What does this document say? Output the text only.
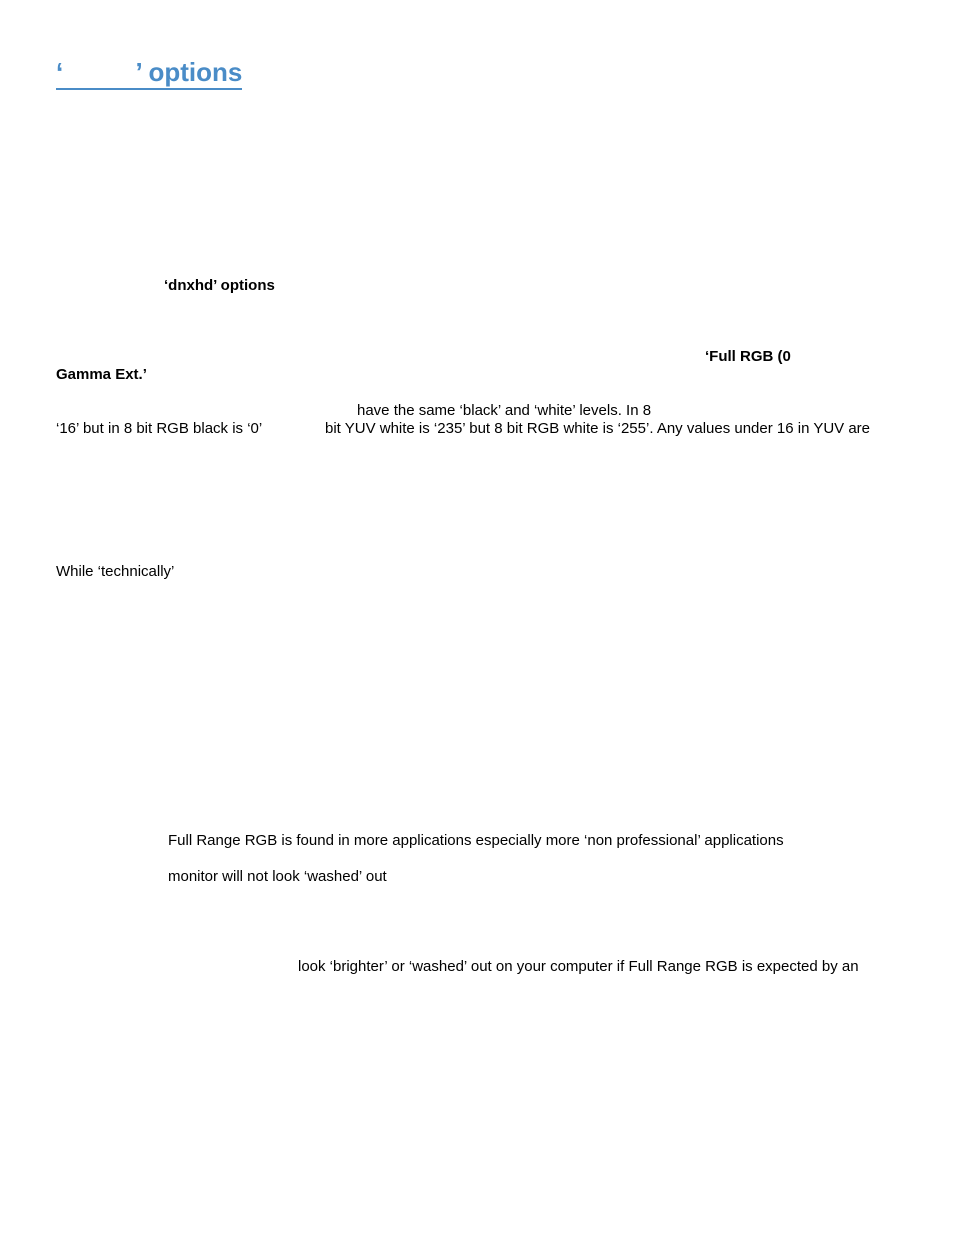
‘          ’ options
‘dnxhd’ options
‘Full RGB (0
Gamma Ext.’
have the same ‘black’ and ‘white’ levels. In 8
‘16’ but in 8 bit RGB black is ‘0’	bit YUV white is ‘235’ but 8 bit RGB white is ‘255’. Any values under 16 in YUV are
While ‘technically’
Full Range RGB is found in more applications especially more ‘non professional’ applications
monitor will not look ‘washed’ out
look ‘brighter’ or ‘washed’ out on your computer if Full Range RGB is expected by an
